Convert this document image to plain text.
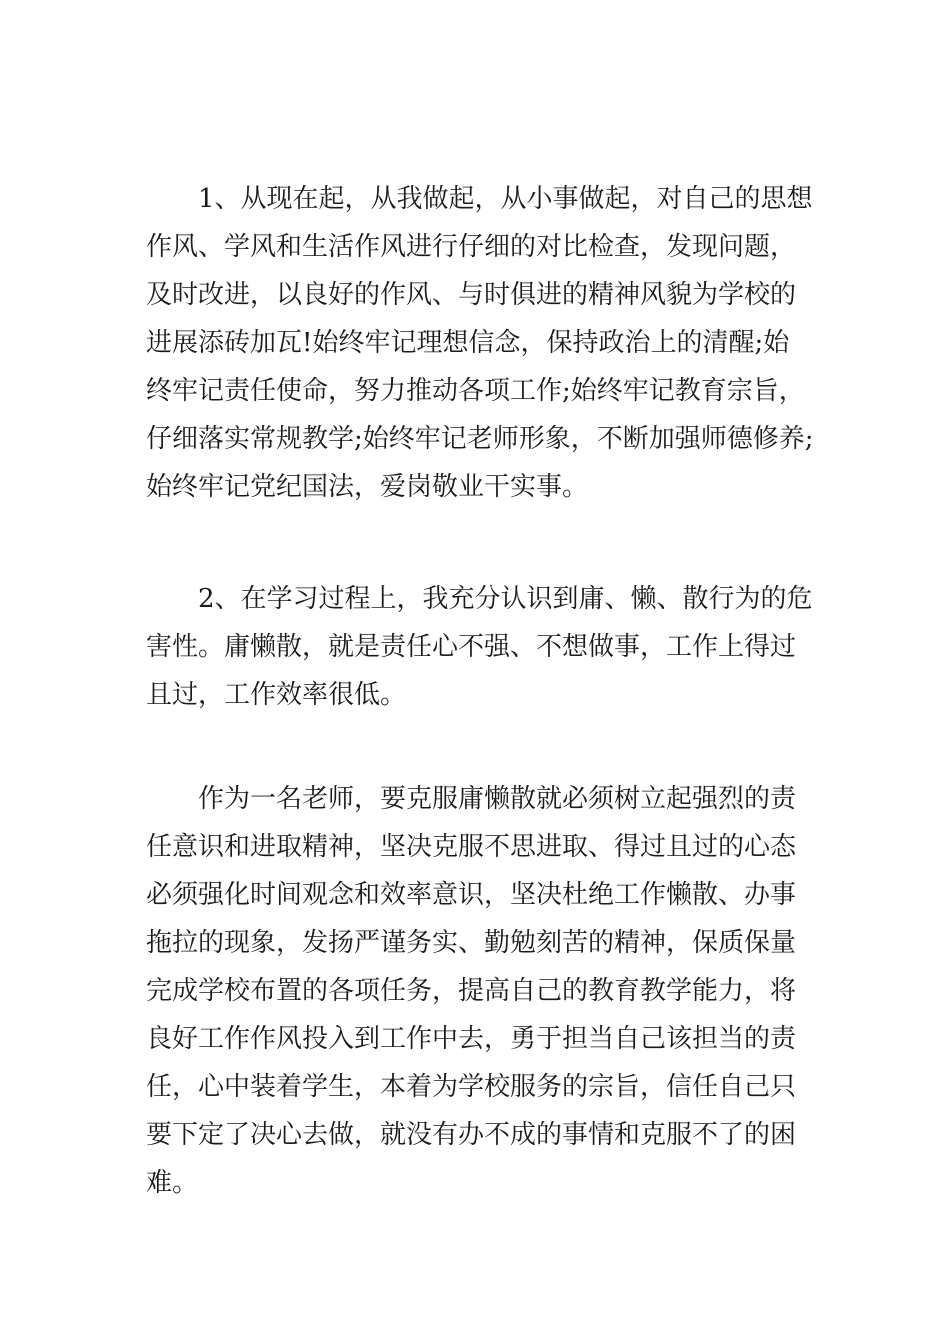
1、从现在起，从我做起，从小事做起，对自己的思想
作风、学风和生活作风进行仔细的对比检查，发现问题，
及时改进，以良好的作风、与时俱进的精神风貌为学校的
进展添砖加瓦!始终牢记理想信念，保持政治上的清醒;始
终牢记责任使命，努力推动各项工作;始终牢记教育宗旨，
仔细落实常规教学;始终牢记老师形象，不断加强师德修养;
始终牢记党纪国法，爱岗敬业干实事。
2、在学习过程上，我充分认识到庸、懒、散行为的危
害性。庸懒散，就是责任心不强、不想做事，工作上得过
且过，工作效率很低。
作为一名老师，要克服庸懒散就必须树立起强烈的责
任意识和进取精神，坚决克服不思进取、得过且过的心态
必须强化时间观念和效率意识，坚决杜绝工作懒散、办事
拖拉的现象，发扬严谨务实、勤勉刻苦的精神，保质保量
完成学校布置的各项任务，提高自己的教育教学能力，将
良好工作作风投入到工作中去，勇于担当自己该担当的责
任，心中装着学生，本着为学校服务的宗旨，信任自己只
要下定了决心去做，就没有办不成的事情和克服不了的困
难。
